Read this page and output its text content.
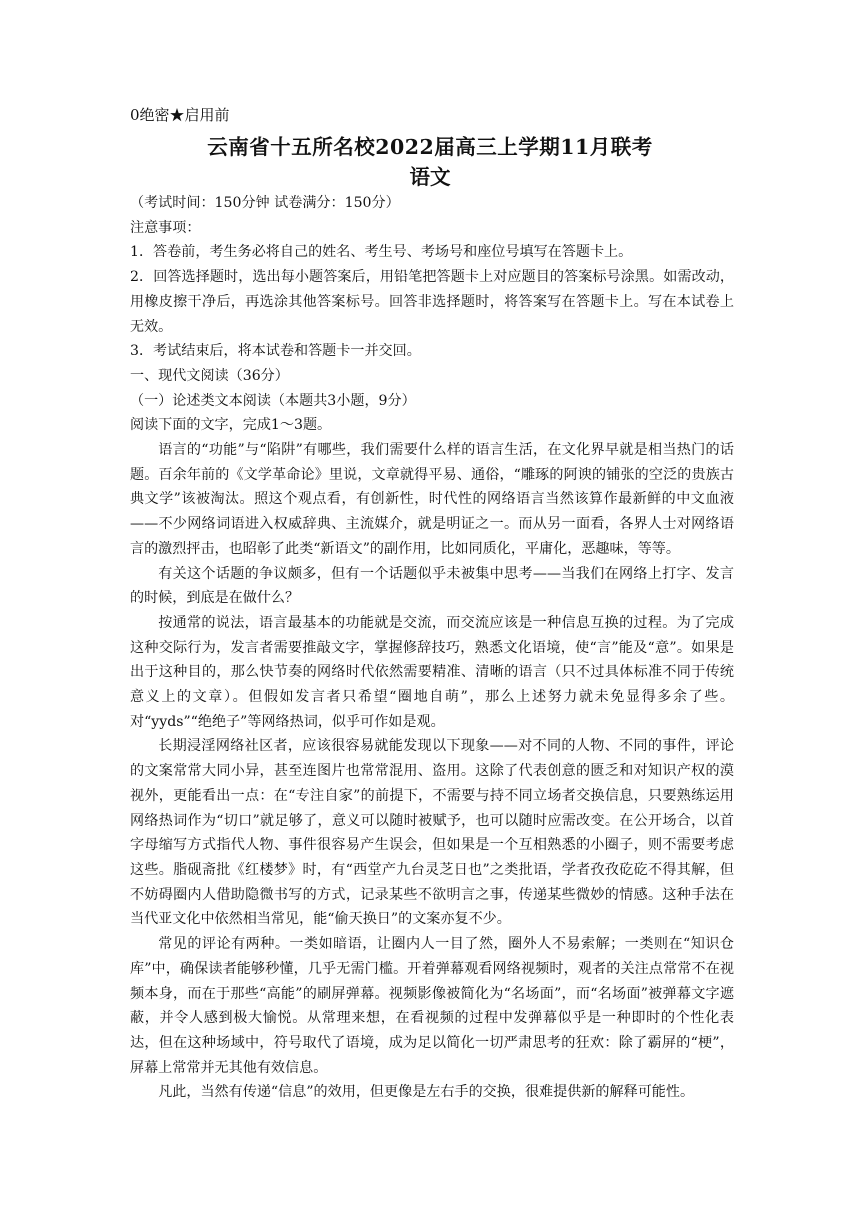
0绝密★启用前
云南省十五所名校2022届高三上学期11月联考
语文

（考试时间：150分钟 试卷满分：150分）

注意事项：

1．答卷前，考生务必将自己的姓名、考生号、考场号和座位号填写在答题卡上。

2．回答选择题时，选出每小题答案后，用铅笔把答题卡上对应题目的答案标号涂黑。如需改动，用橡皮擦干净后，再选涂其他答案标号。回答非选择题时，将答案写在答题卡上。写在本试卷上无效。

3．考试结束后，将本试卷和答题卡一并交回。

一、现代文阅读（36分）

（一）论述类文本阅读（本题共3小题，9分）

阅读下面的文字，完成1～3题。

语言的“功能”与“陷阱”有哪些，我们需要什么样的语言生活，在文化界早就是相当热门的话题。百余年前的《文学革命论》里说，文章就得平易、通俗，“雕琢的阿谀的铺张的空泛的贵族古典文学”该被淘汰。照这个观点看，有创新性，时代性的网络语言当然该算作最新鲜的中文血液——不少网络词语进入权威辞典、主流媒介，就是明证之一。而从另一面看，各界人士对网络语言的激烈抨击，也昭彰了此类“新语文”的副作用，比如同质化，平庸化，恶趣味，等等。

有关这个话题的争议颇多，但有一个话题似乎未被集中思考——当我们在网络上打字、发言的时候，到底是在做什么？

按通常的说法，语言最基本的功能就是交流，而交流应该是一种信息互换的过程。为了完成这种交际行为，发言者需要推敲文字，掌握修辞技巧，熟悉文化语境，使“言”能及“意”。如果是出于这种目的，那么快节奏的网络时代依然需要精准、清晰的语言（只不过具体标准不同于传统意义上的文章）。但假如发言者只希望“圈地自萌”，那么上述努力就未免显得多余了些。对“yyds”“绝绝子”等网络热词，似乎可作如是观。

长期浸淫网络社区者，应该很容易就能发现以下现象——对不同的人物、不同的事件，评论的文案常常大同小异，甚至连图片也常常混用、盗用。这除了代表创意的匮乏和对知识产权的漠视外，更能看出一点：在“专注自家”的前提下，不需要与持不同立场者交换信息，只要熟练运用网络热词作为“切口”就足够了，意义可以随时被赋予，也可以随时应需改变。在公开场合，以首字母缩写方式指代人物、事件很容易产生误会，但如果是一个互相熟悉的小圈子，则不需要考虑这些。脂砚斋批《红楼梦》时，有“西堂产九台灵芝日也”之类批语，学者孜孜矻矻不得其解，但不妨碍圈内人借助隐微书写的方式，记录某些不欲明言之事，传递某些微妙的情感。这种手法在当代亚文化中依然相当常见，能“偷天换日”的文案亦复不少。

常见的评论有两种。一类如暗语，让圈内人一目了然，圈外人不易索解；一类则在“知识仓库”中，确保读者能够秒懂，几乎无需门槛。开着弹幕观看网络视频时，观者的关注点常常不在视频本身，而在于那些“高能”的刷屏弹幕。视频影像被简化为“名场面”，而“名场面”被弹幕文字遮蔽，并令人感到极大愉悦。从常理来想，在看视频的过程中发弹幕似乎是一种即时的个性化表达，但在这种场域中，符号取代了语境，成为足以简化一切严肃思考的狂欢：除了霸屏的“梗”，屏幕上常常并无其他有效信息。

凡此，当然有传递“信息”的效用，但更像是左右手的交换，很难提供新的解释可能性。
